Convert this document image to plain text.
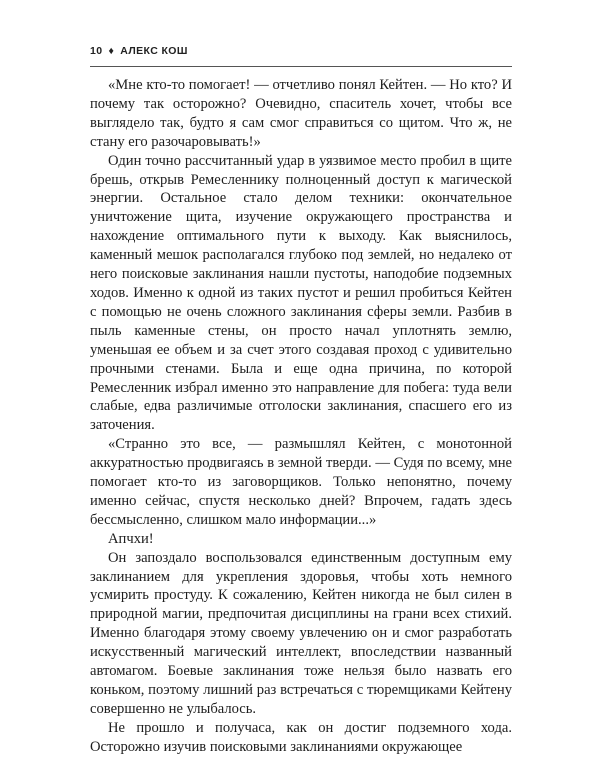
10 ♦ АЛЕКС КОШ

«Мне кто-то помогает! — отчетливо понял Кейтен. — Но кто? И почему так осторожно? Очевидно, спаситель хочет, чтобы все выглядело так, будто я сам смог справиться со щитом. Что ж, не стану его разочаровывать!»

Один точно рассчитанный удар в уязвимое место пробил в щите брешь, открыв Ремесленнику полноценный доступ к магической энергии. Остальное стало делом техники: окончательное уничтожение щита, изучение окружающего пространства и нахождение оптимального пути к выходу. Как выяснилось, каменный мешок располагался глубоко под землей, но недалеко от него поисковые заклинания нашли пустоты, наподобие подземных ходов. Именно к одной из таких пустот и решил пробиться Кейтен с помощью не очень сложного заклинания сферы земли. Разбив в пыль каменные стены, он просто начал уплотнять землю, уменьшая ее объем и за счет этого создавая проход с удивительно прочными стенами. Была и еще одна причина, по которой Ремесленник избрал именно это направление для побега: туда вели слабые, едва различимые отголоски заклинания, спасшего его из заточения.

«Странно это все, — размышлял Кейтен, с монотонной аккуратностью продвигаясь в земной тверди. — Судя по всему, мне помогает кто-то из заговорщиков. Только непонятно, почему именно сейчас, спустя несколько дней? Впрочем, гадать здесь бессмысленно, слишком мало информации...»

Апчхи!

Он запоздало воспользовался единственным доступным ему заклинанием для укрепления здоровья, чтобы хоть немного усмирить простуду. К сожалению, Кейтен никогда не был силен в природной магии, предпочитая дисциплины на грани всех стихий. Именно благодаря этому своему увлечению он и смог разработать искусственный магический интеллект, впоследствии названный автомагом. Боевые заклинания тоже нельзя было назвать его коньком, поэтому лишний раз встречаться с тюремщиками Кейтену совершенно не улыбалось.

Не прошло и получаса, как он достиг подземного хода. Осторожно изучив поисковыми заклинаниями окружающее
